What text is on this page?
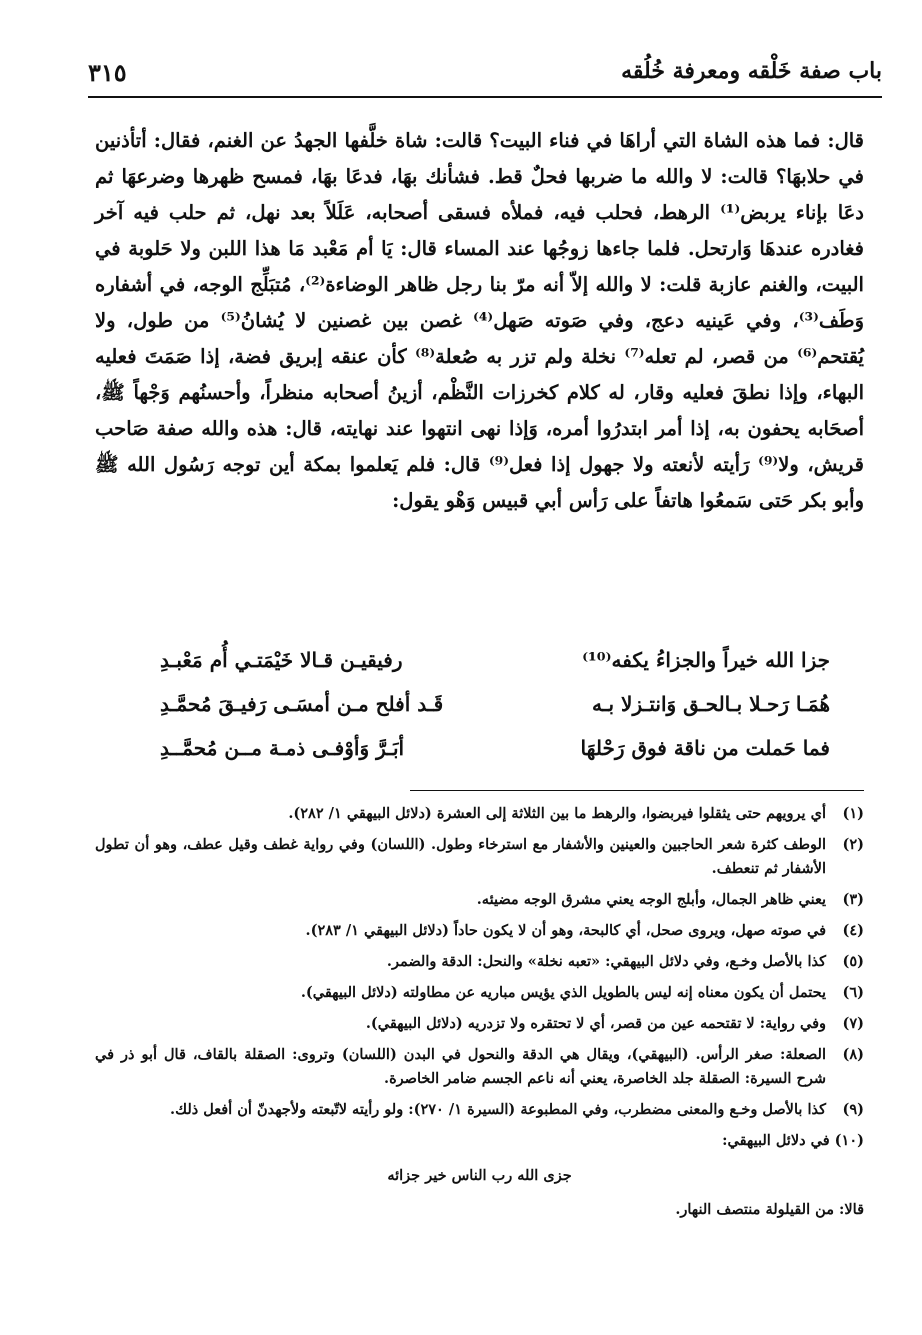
باب صفة خَلْقه ومعرفة خُلُقه
٣١٥

قال: فما هذه الشاة التي أراهَا في فناء البيت؟ قالت: شاة خلَّفها الجهدُ عن الغنم، فقال: أتأذنين في حلابهَا؟ قالت: لا والله ما ضربها فحلٌ قط. فشأنك بهَا، فدعَا بهَا، فمسح ظهرها وضرعهَا ثم دعَا بإناء يربض⁽¹⁾ الرهط، فحلب فيه، فملأه فسقى أصحابه، عَلَلاً بعد نهل، ثم حلب فيه آخر فغادره عندهَا وَارتحل. فلما جاءها زوجُها عند المساء قال: يَا أم مَعْبد مَا هذا اللبن ولا حَلوبة في البيت، والغنم عازبة قلت: لا والله إلاّ أنه مرّ بنا رجل ظاهر الوضاءة⁽²⁾، مُتبَلِّج الوجه، في أشفاره وَطَف⁽³⁾، وفي عَينيه دعج، وفي صَوته صَهل⁽⁴⁾ غصن بين غصنين لا يُشانُ⁽⁵⁾ من طول، ولا يُقتحم⁽⁶⁾ من قصر، لم تعله⁽⁷⁾ نخلة ولم تزر به صُعلة⁽⁸⁾ كأن عنقه إبريق فضة، إذا صَمَتَ فعليه البهاء، وإذا نطقَ فعليه وقار، له كلام كخرزات النَّظْم، أزينُ أصحابه منظراً، وأحسنُهم وَجْهاً ﷺ، أصحَابه يحفون به، إذا أمر ابتدرُوا أمره، وَإذا نهى انتهوا عند نهايته، قال: هذه والله صفة صَاحب قريش، ولا⁽⁹⁾ رَأيته لأنعته ولا جهول إذا فعل⁽⁹⁾ قال: فلم يَعلموا بمكة أين توجه رَسُول الله ﷺ وأبو بكر حَتى سَمعُوا هاتفاً على رَأس أبي قبيس وَهْو يقول:

جزا الله خيراً والجزاءُ يكفه⁽¹⁰⁾
رفيقيـن قـالا خَيْمَتـي أُم مَعْبـدِ
هُمَـا رَحـلا بـالحـق وَانتـزلا بـه
قَـد أفلح مـن أمسَـى رَفيـقَ مُحمَّـدِ
فما حَملت من ناقة فوق رَحْلهَا
أبَـرَّ وَأوْفـى ذمـة مــن مُحمَّــدِ
(١)
أي يرويهم حتى يثقلوا فيربضوا، والرهط ما بين الثلاثة إلى العشرة (دلائل البيهقي ١/ ٢٨٢).
(٢)
الوطف كثرة شعر الحاجبين والعينين والأشفار مع استرخاء وطول. (اللسان) وفي رواية غطف وقيل عطف، وهو أن تطول الأشفار ثم تنعطف.
(٣)
يعني ظاهر الجمال، وأبلج الوجه يعني مشرق الوجه مضيئه.
(٤)
في صوته صهل، ويروى صحل، أي كالبحة، وهو أن لا يكون حاداً (دلائل البيهقي ١/ ٢٨٣).
(٥)
كذا بالأصل وخـع، وفي دلائل البيهقي: «تعبه نخلة» والنحل: الدقة والضمر.
(٦)
يحتمل أن يكون معناه إنه ليس بالطويل الذي يؤيس مباريه عن مطاولته (دلائل البيهقي).
(٧)
وفي رواية: لا تقتحمه عين من قصر، أي لا تحتقره ولا تزدريه (دلائل البيهقي).
(٨)
الصعلة: صغر الرأس. (البيهقي)، ويقال هي الدقة والنحول في البدن (اللسان) وتروى: الصقلة بالقاف، قال أبو ذر في شرح السيرة: الصقلة جلد الخاصرة، يعني أنه ناعم الجسم ضامر الخاصرة.
(٩)
كذا بالأصل وخـع والمعنى مضطرب، وفي المطبوعة (السيرة ١/ ٢٧٠): ولو رأيته لاتّبعته ولأجهدنّ أن أفعل ذلك.
(١٠) في دلائل البيهقي:
جزى الله رب الناس خير جزائه
قالا: من القيلولة منتصف النهار.
